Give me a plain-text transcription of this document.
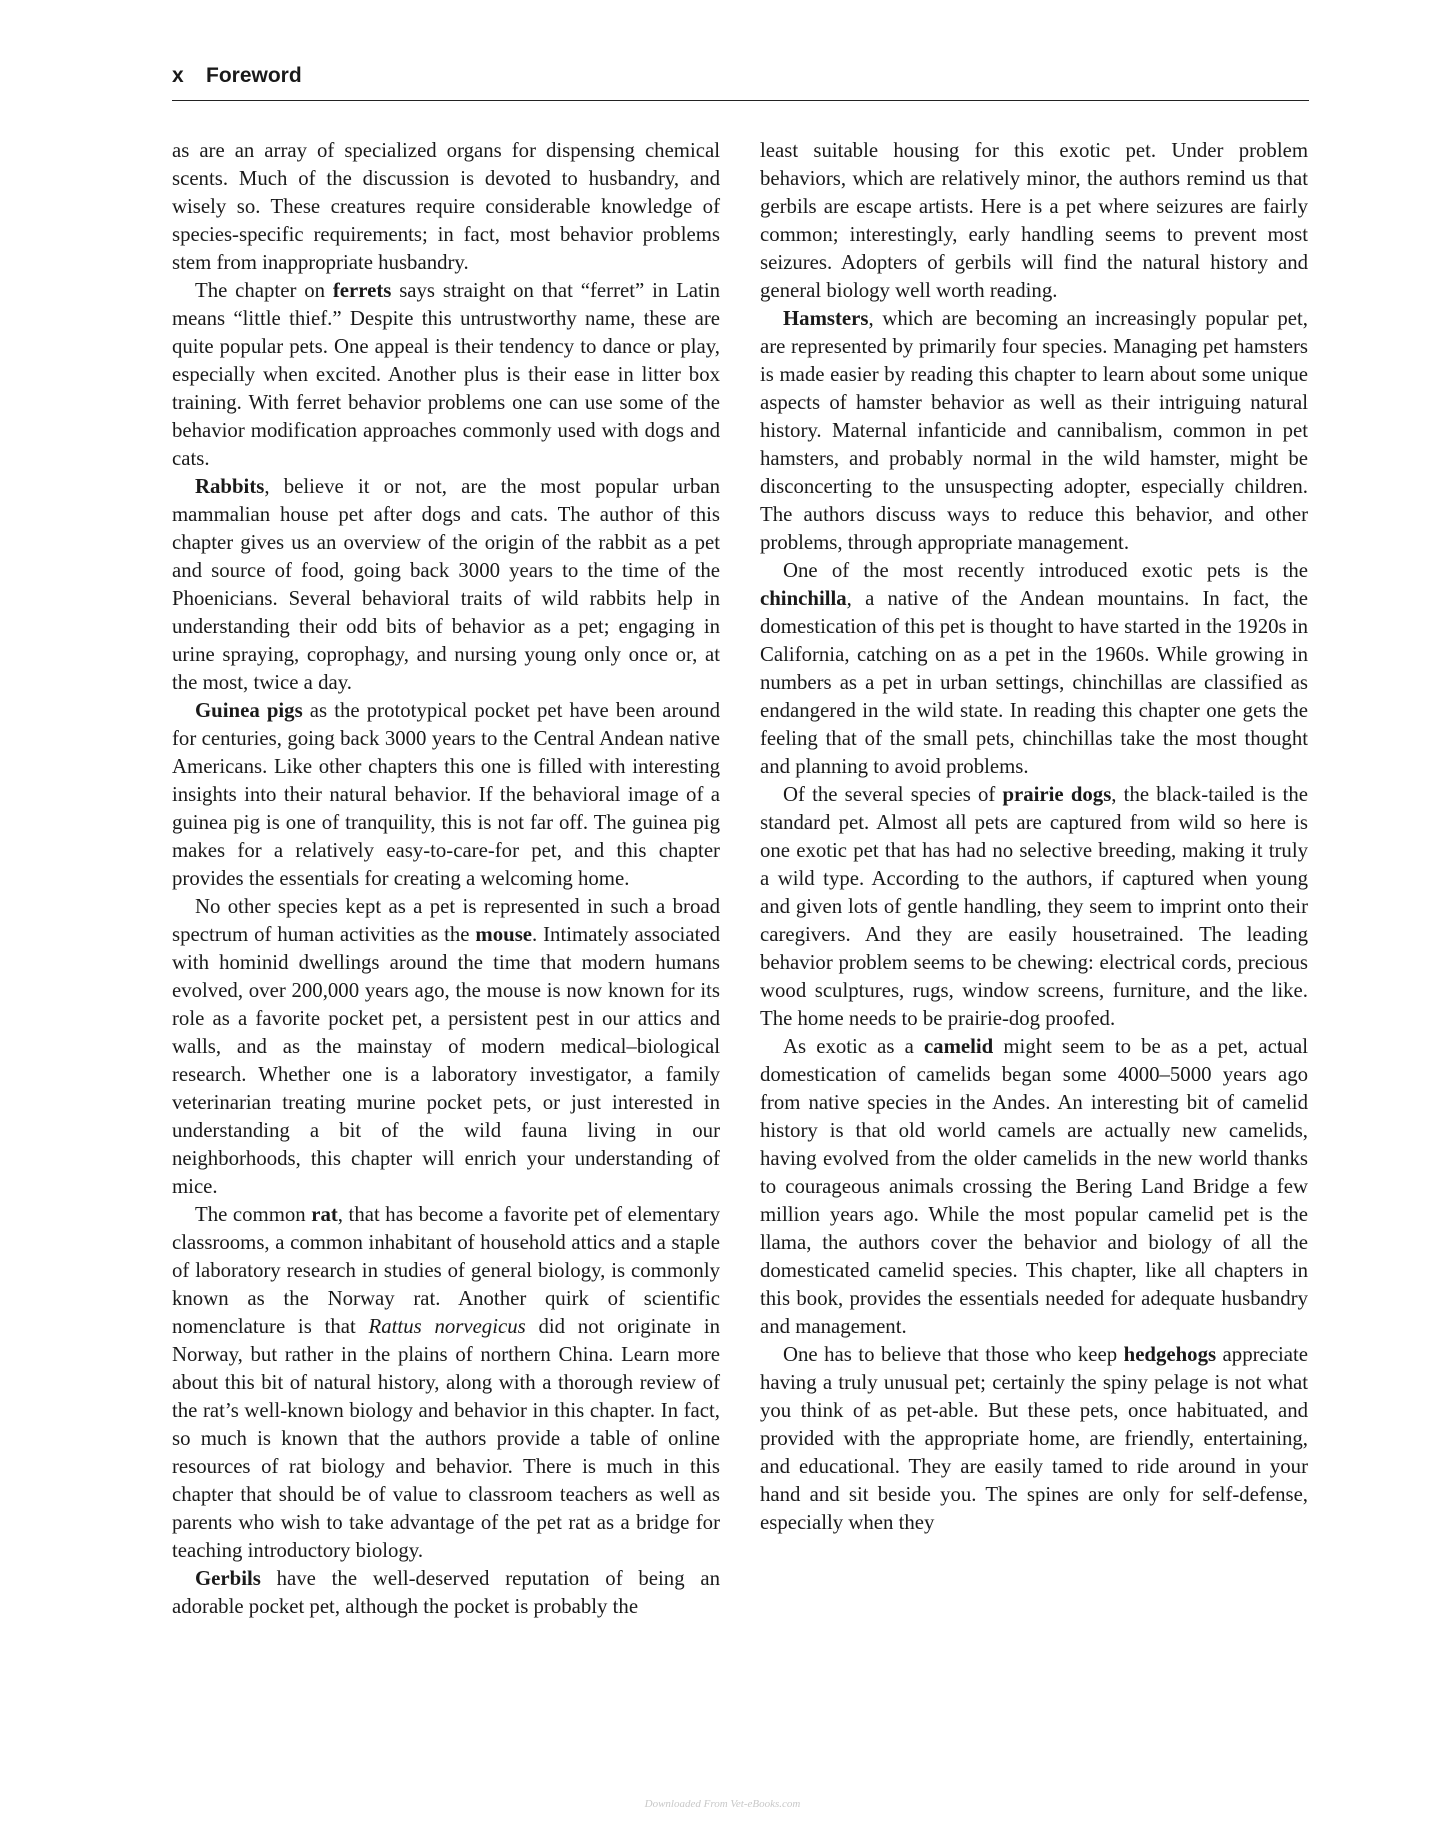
x Foreword

as are an array of specialized organs for dispensing chemical scents. Much of the discussion is devoted to husbandry, and wisely so. These creatures require considerable knowledge of species-specific requirements; in fact, most behavior problems stem from inappropriate husbandry.

The chapter on ferrets says straight on that “ferret” in Latin means “little thief.” Despite this untrustworthy name, these are quite popular pets. One appeal is their tendency to dance or play, especially when excited. Another plus is their ease in litter box training. With ferret behavior problems one can use some of the behavior modification approaches commonly used with dogs and cats.

Rabbits, believe it or not, are the most popular urban mammalian house pet after dogs and cats. The author of this chapter gives us an overview of the origin of the rabbit as a pet and source of food, going back 3000 years to the time of the Phoenicians. Several behavioral traits of wild rabbits help in understanding their odd bits of behavior as a pet; engaging in urine spraying, coprophagy, and nursing young only once or, at the most, twice a day.

Guinea pigs as the prototypical pocket pet have been around for centuries, going back 3000 years to the Central Andean native Americans. Like other chapters this one is filled with interesting insights into their natural behavior. If the behavioral image of a guinea pig is one of tranquility, this is not far off. The guinea pig makes for a relatively easy-to-care-for pet, and this chapter provides the essentials for creating a welcoming home.

No other species kept as a pet is represented in such a broad spectrum of human activities as the mouse. Intimately associated with hominid dwellings around the time that modern humans evolved, over 200,000 years ago, the mouse is now known for its role as a favorite pocket pet, a persistent pest in our attics and walls, and as the mainstay of modern medical–biological research. Whether one is a laboratory investigator, a family veterinarian treating murine pocket pets, or just interested in understanding a bit of the wild fauna living in our neighborhoods, this chapter will enrich your understanding of mice.

The common rat, that has become a favorite pet of elementary classrooms, a common inhabitant of household attics and a staple of laboratory research in studies of general biology, is commonly known as the Norway rat. Another quirk of scientific nomenclature is that Rattus norvegicus did not originate in Norway, but rather in the plains of northern China. Learn more about this bit of natural history, along with a thorough review of the rat’s well-known biology and behavior in this chapter. In fact, so much is known that the authors provide a table of online resources of rat biology and behavior. There is much in this chapter that should be of value to classroom teachers as well as parents who wish to take advantage of the pet rat as a bridge for teaching introductory biology.

Gerbils have the well-deserved reputation of being an adorable pocket pet, although the pocket is probably the

least suitable housing for this exotic pet. Under problem behaviors, which are relatively minor, the authors remind us that gerbils are escape artists. Here is a pet where seizures are fairly common; interestingly, early handling seems to prevent most seizures. Adopters of gerbils will find the natural history and general biology well worth reading.

Hamsters, which are becoming an increasingly popular pet, are represented by primarily four species. Managing pet hamsters is made easier by reading this chapter to learn about some unique aspects of hamster behavior as well as their intriguing natural history. Maternal infanticide and cannibalism, common in pet hamsters, and probably normal in the wild hamster, might be disconcerting to the unsuspecting adopter, especially children. The authors discuss ways to reduce this behavior, and other problems, through appropriate management.

One of the most recently introduced exotic pets is the chinchilla, a native of the Andean mountains. In fact, the domestication of this pet is thought to have started in the 1920s in California, catching on as a pet in the 1960s. While growing in numbers as a pet in urban settings, chinchillas are classified as endangered in the wild state. In reading this chapter one gets the feeling that of the small pets, chinchillas take the most thought and planning to avoid problems.

Of the several species of prairie dogs, the black-tailed is the standard pet. Almost all pets are captured from wild so here is one exotic pet that has had no selective breeding, making it truly a wild type. According to the authors, if captured when young and given lots of gentle handling, they seem to imprint onto their caregivers. And they are easily housetrained. The leading behavior problem seems to be chewing: electrical cords, precious wood sculptures, rugs, window screens, furniture, and the like. The home needs to be prairie-dog proofed.

As exotic as a camelid might seem to be as a pet, actual domestication of camelids began some 4000–5000 years ago from native species in the Andes. An interesting bit of camelid history is that old world camels are actually new camelids, having evolved from the older camelids in the new world thanks to courageous animals crossing the Bering Land Bridge a few million years ago. While the most popular camelid pet is the llama, the authors cover the behavior and biology of all the domesticated camelid species. This chapter, like all chapters in this book, provides the essentials needed for adequate husbandry and management.

One has to believe that those who keep hedgehogs appreciate having a truly unusual pet; certainly the spiny pelage is not what you think of as pet-able. But these pets, once habituated, and provided with the appropriate home, are friendly, entertaining, and educational. They are easily tamed to ride around in your hand and sit beside you. The spines are only for self-defense, especially when they

Downloaded From Vet-eBooks.com
